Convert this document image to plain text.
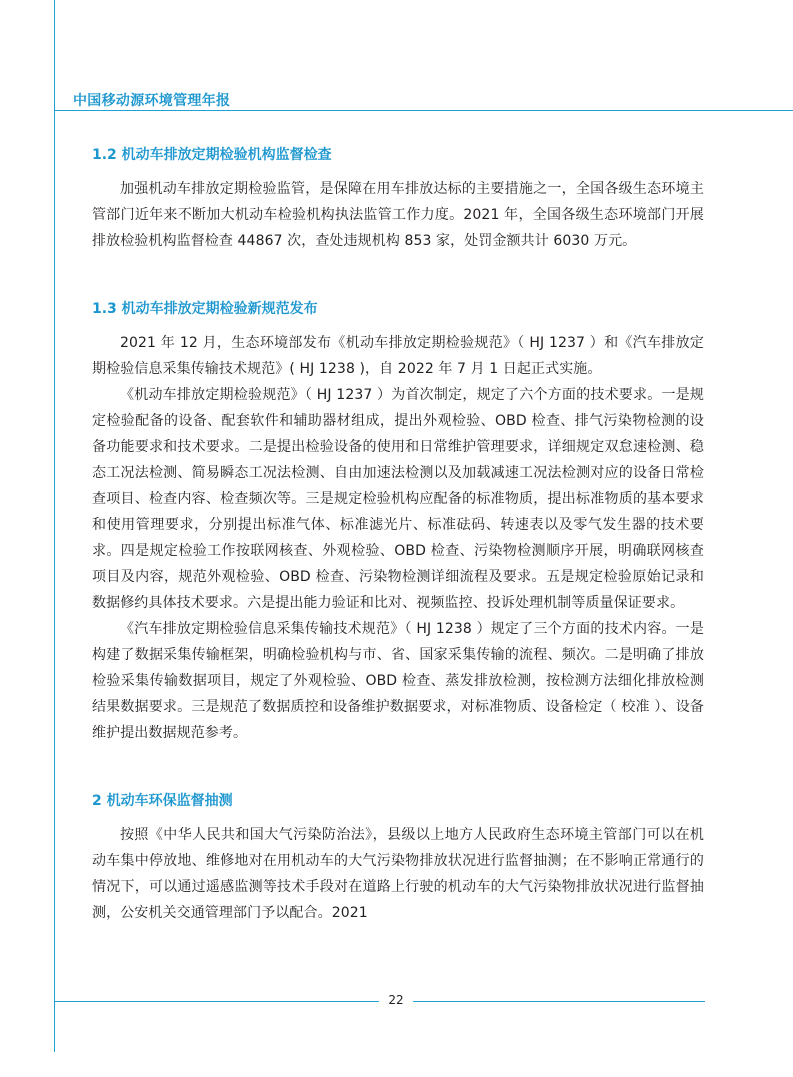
中国移动源环境管理年报
1.2 机动车排放定期检验机构监督检查

加强机动车排放定期检验监管，是保障在用车排放达标的主要措施之一，全国各级生态环境主管部门近年来不断加大机动车检验机构执法监管工作力度。2021 年，全国各级生态环境部门开展排放检验机构监督检查 44867 次，查处违规机构 853 家，处罚金额共计 6030 万元。

1.3 机动车排放定期检验新规范发布

2021 年 12 月，生态环境部发布《机动车排放定期检验规范》（ HJ 1237 ）和《汽车排放定期检验信息采集传输技术规范》( HJ 1238 )，自 2022 年 7 月 1 日起正式实施。

《机动车排放定期检验规范》（ HJ 1237 ）为首次制定，规定了六个方面的技术要求。一是规定检验配备的设备、配套软件和辅助器材组成，提出外观检验、OBD 检查、排气污染物检测的设备功能要求和技术要求。二是提出检验设备的使用和日常维护管理要求，详细规定双怠速检测、稳态工况法检测、简易瞬态工况法检测、自由加速法检测以及加载减速工况法检测对应的设备日常检查项目、检查内容、检查频次等。三是规定检验机构应配备的标准物质，提出标准物质的基本要求和使用管理要求，分别提出标准气体、标准滤光片、标准砝码、转速表以及零气发生器的技术要求。四是规定检验工作按联网核查、外观检验、OBD 检查、污染物检测顺序开展，明确联网核查项目及内容，规范外观检验、OBD 检查、污染物检测详细流程及要求。五是规定检验原始记录和数据修约具体技术要求。六是提出能力验证和比对、视频监控、投诉处理机制等质量保证要求。

《汽车排放定期检验信息采集传输技术规范》（ HJ 1238 ）规定了三个方面的技术内容。一是构建了数据采集传输框架，明确检验机构与市、省、国家采集传输的流程、频次。二是明确了排放检验采集传输数据项目，规定了外观检验、OBD 检查、蒸发排放检测，按检测方法细化排放检测结果数据要求。三是规范了数据质控和设备维护数据要求，对标准物质、设备检定（ 校准 ）、设备维护提出数据规范参考。

2 机动车环保监督抽测

按照《中华人民共和国大气污染防治法》，县级以上地方人民政府生态环境主管部门可以在机动车集中停放地、维修地对在用机动车的大气污染物排放状况进行监督抽测；在不影响正常通行的情况下，可以通过遥感监测等技术手段对在道路上行驶的机动车的大气污染物排放状况进行监督抽测，公安机关交通管理部门予以配合。2021

22
